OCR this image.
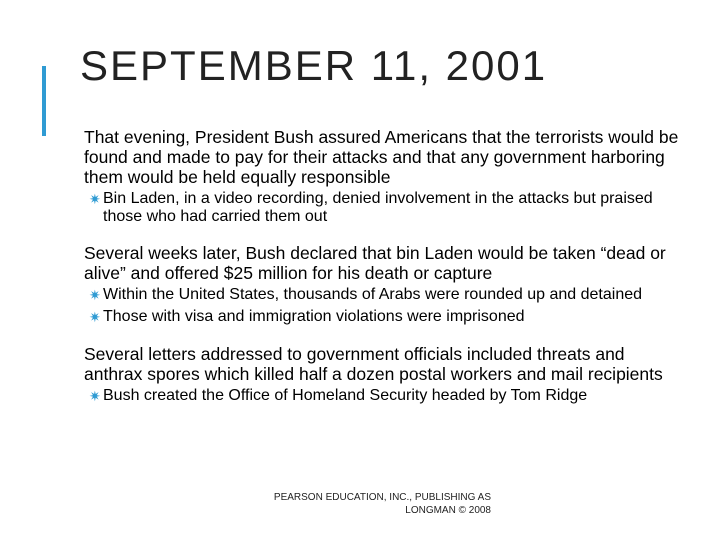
SEPTEMBER 11, 2001

That evening, President Bush assured Americans that the terrorists would be found and made to pay for their attacks and that any government harboring them would be held equally responsible

✷ Bin Laden, in a video recording, denied involvement in the attacks but praised those who had carried them out

Several weeks later, Bush declared that bin Laden would be taken “dead or alive” and offered $25 million for his death or capture

✷ Within the United States, thousands of Arabs were rounded up and detained

✷ Those with visa and immigration violations were imprisoned

Several letters addressed to government officials included threats and anthrax spores which killed half a dozen postal workers and mail recipients

✷ Bush created the Office of Homeland Security headed by Tom Ridge

PEARSON EDUCATION, INC., PUBLISHING AS
LONGMAN © 2008
